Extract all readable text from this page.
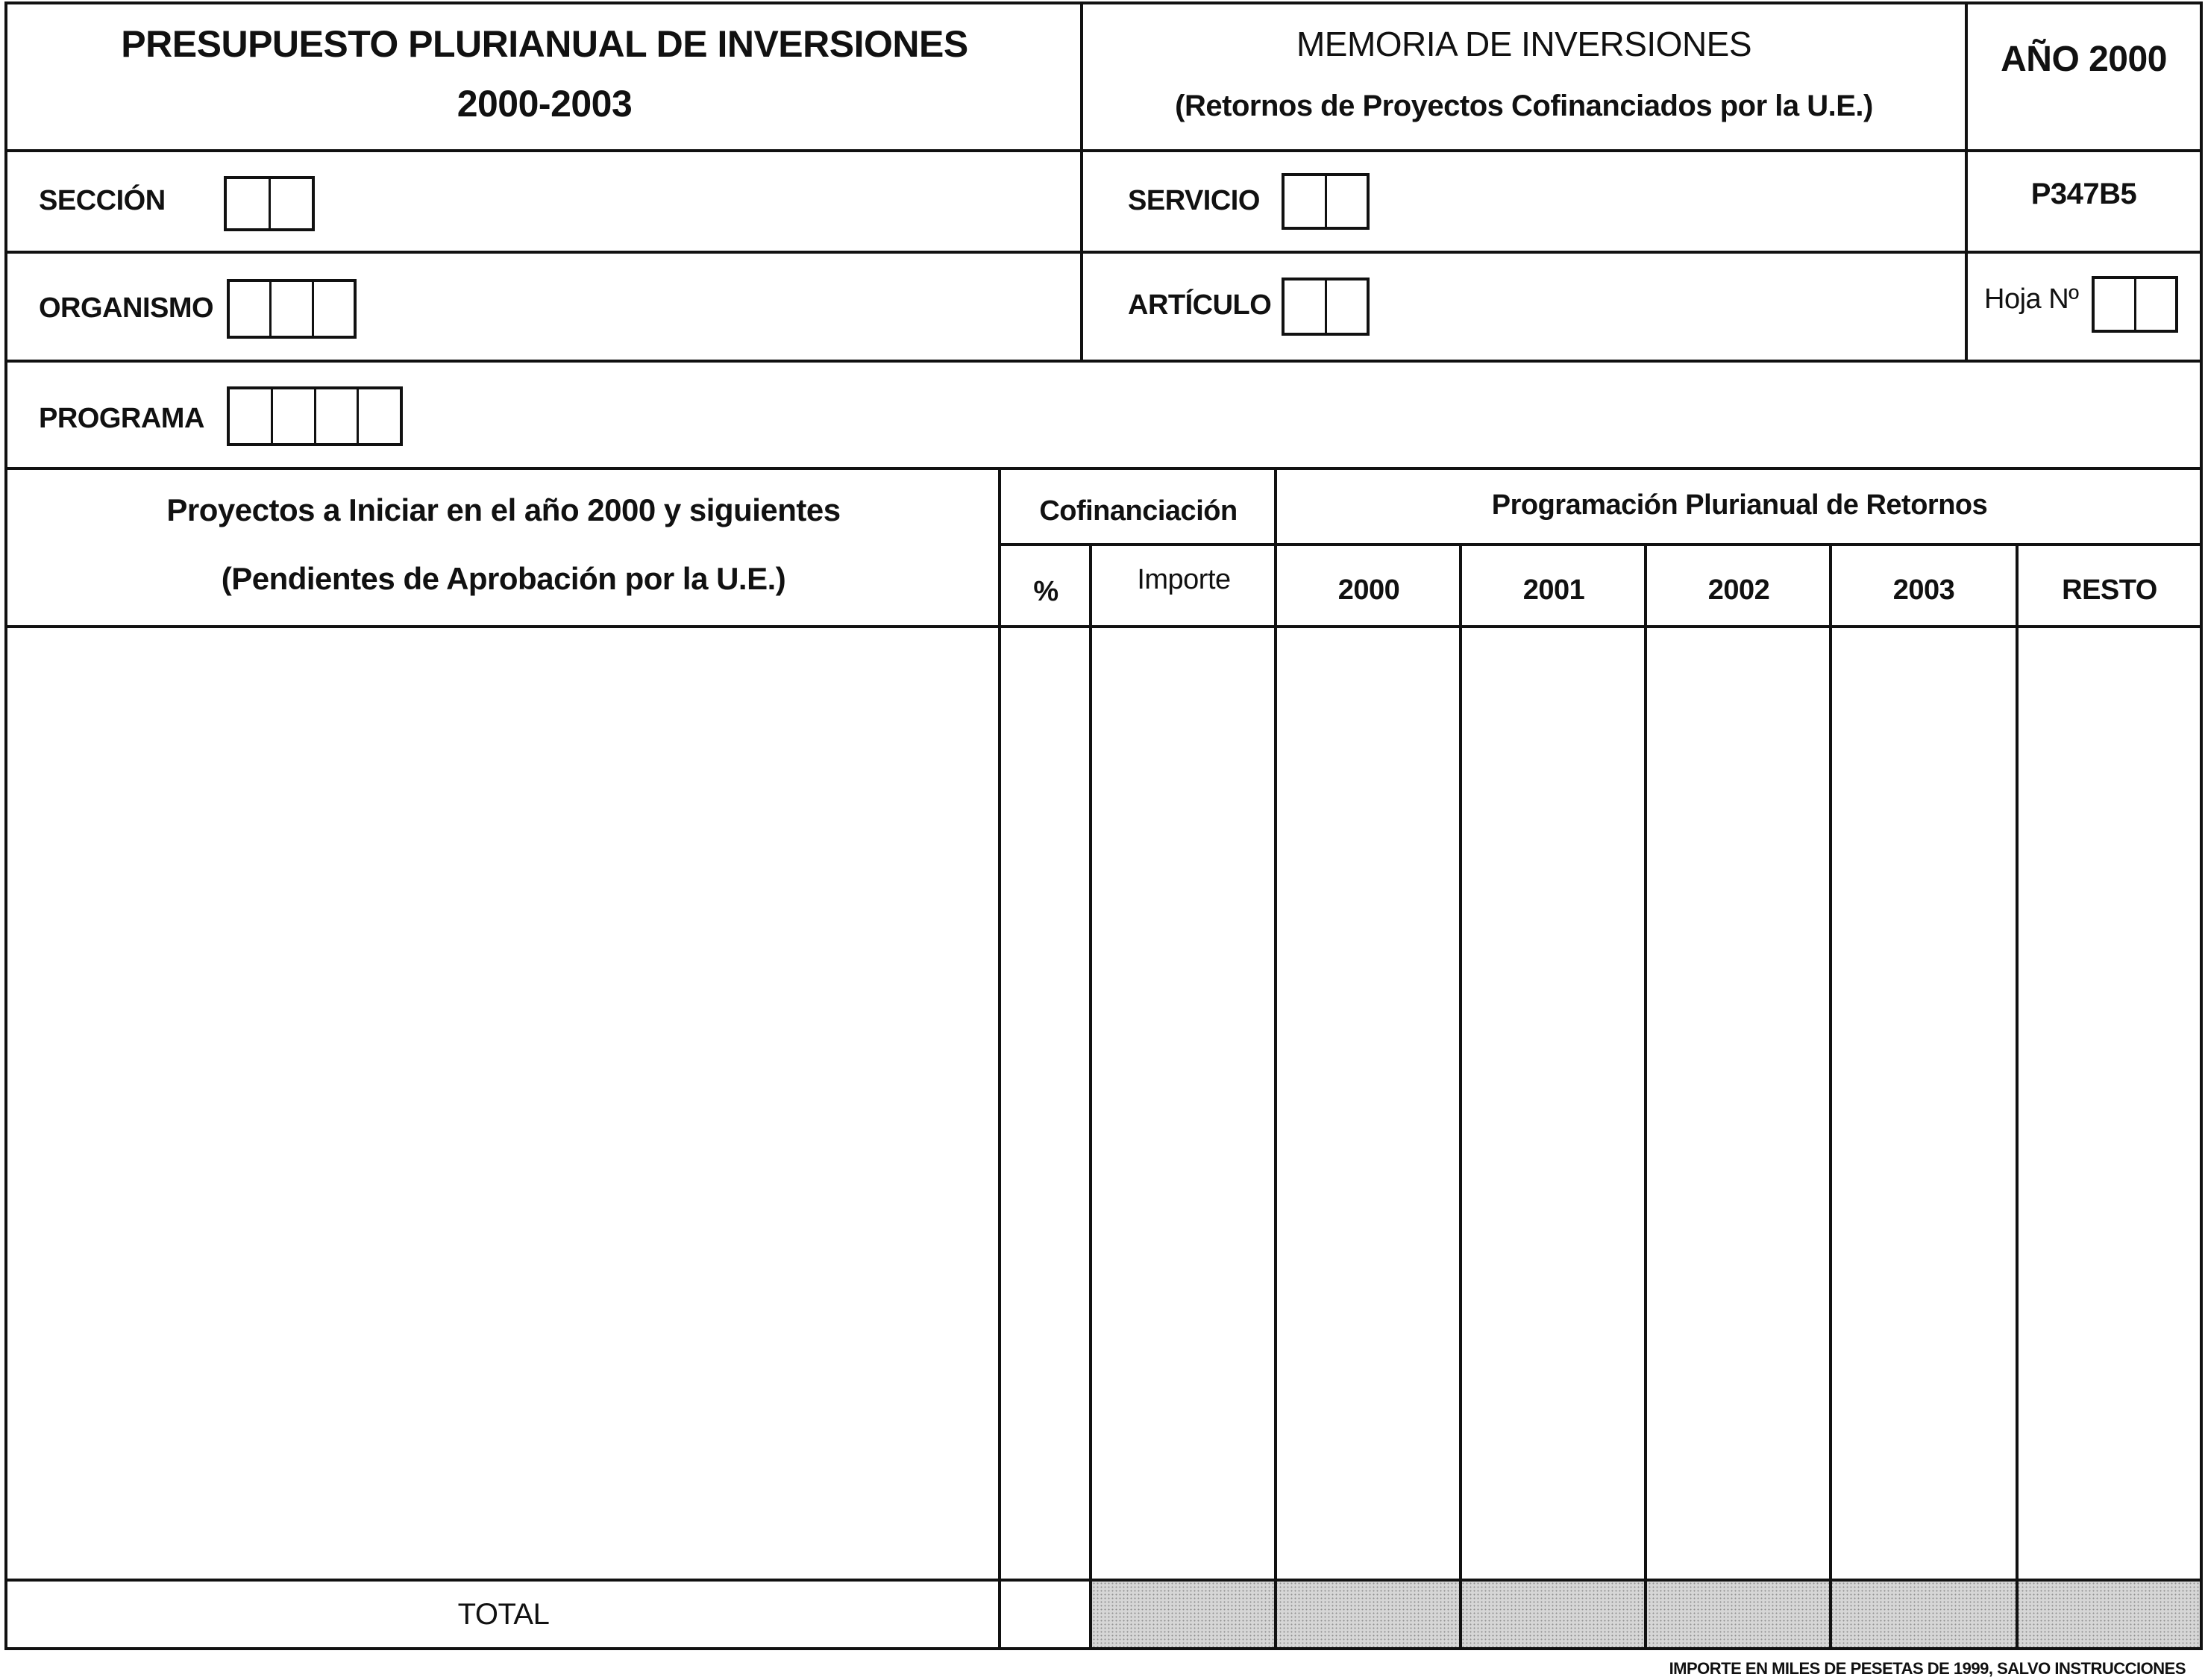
PRESUPUESTO PLURIANUAL DE INVERSIONES
2000-2003
MEMORIA DE INVERSIONES
(Retornos de Proyectos Cofinanciados por la U.E.)
AÑO 2000
SECCIÓN	SERVICIO	P347B5
ORGANISMO	ARTÍCULO	Hoja Nº
PROGRAMA
Proyectos a Iniciar en el año 2000 y siguientes
(Pendientes de Aprobación por la U.E.)
Cofinanciación	Programación Plurianual de Retornos
%	Importe	2000	2001	2002	2003	RESTO
TOTAL
IMPORTE EN MILES DE PESETAS DE 1999, SALVO INSTRUCCIONES
